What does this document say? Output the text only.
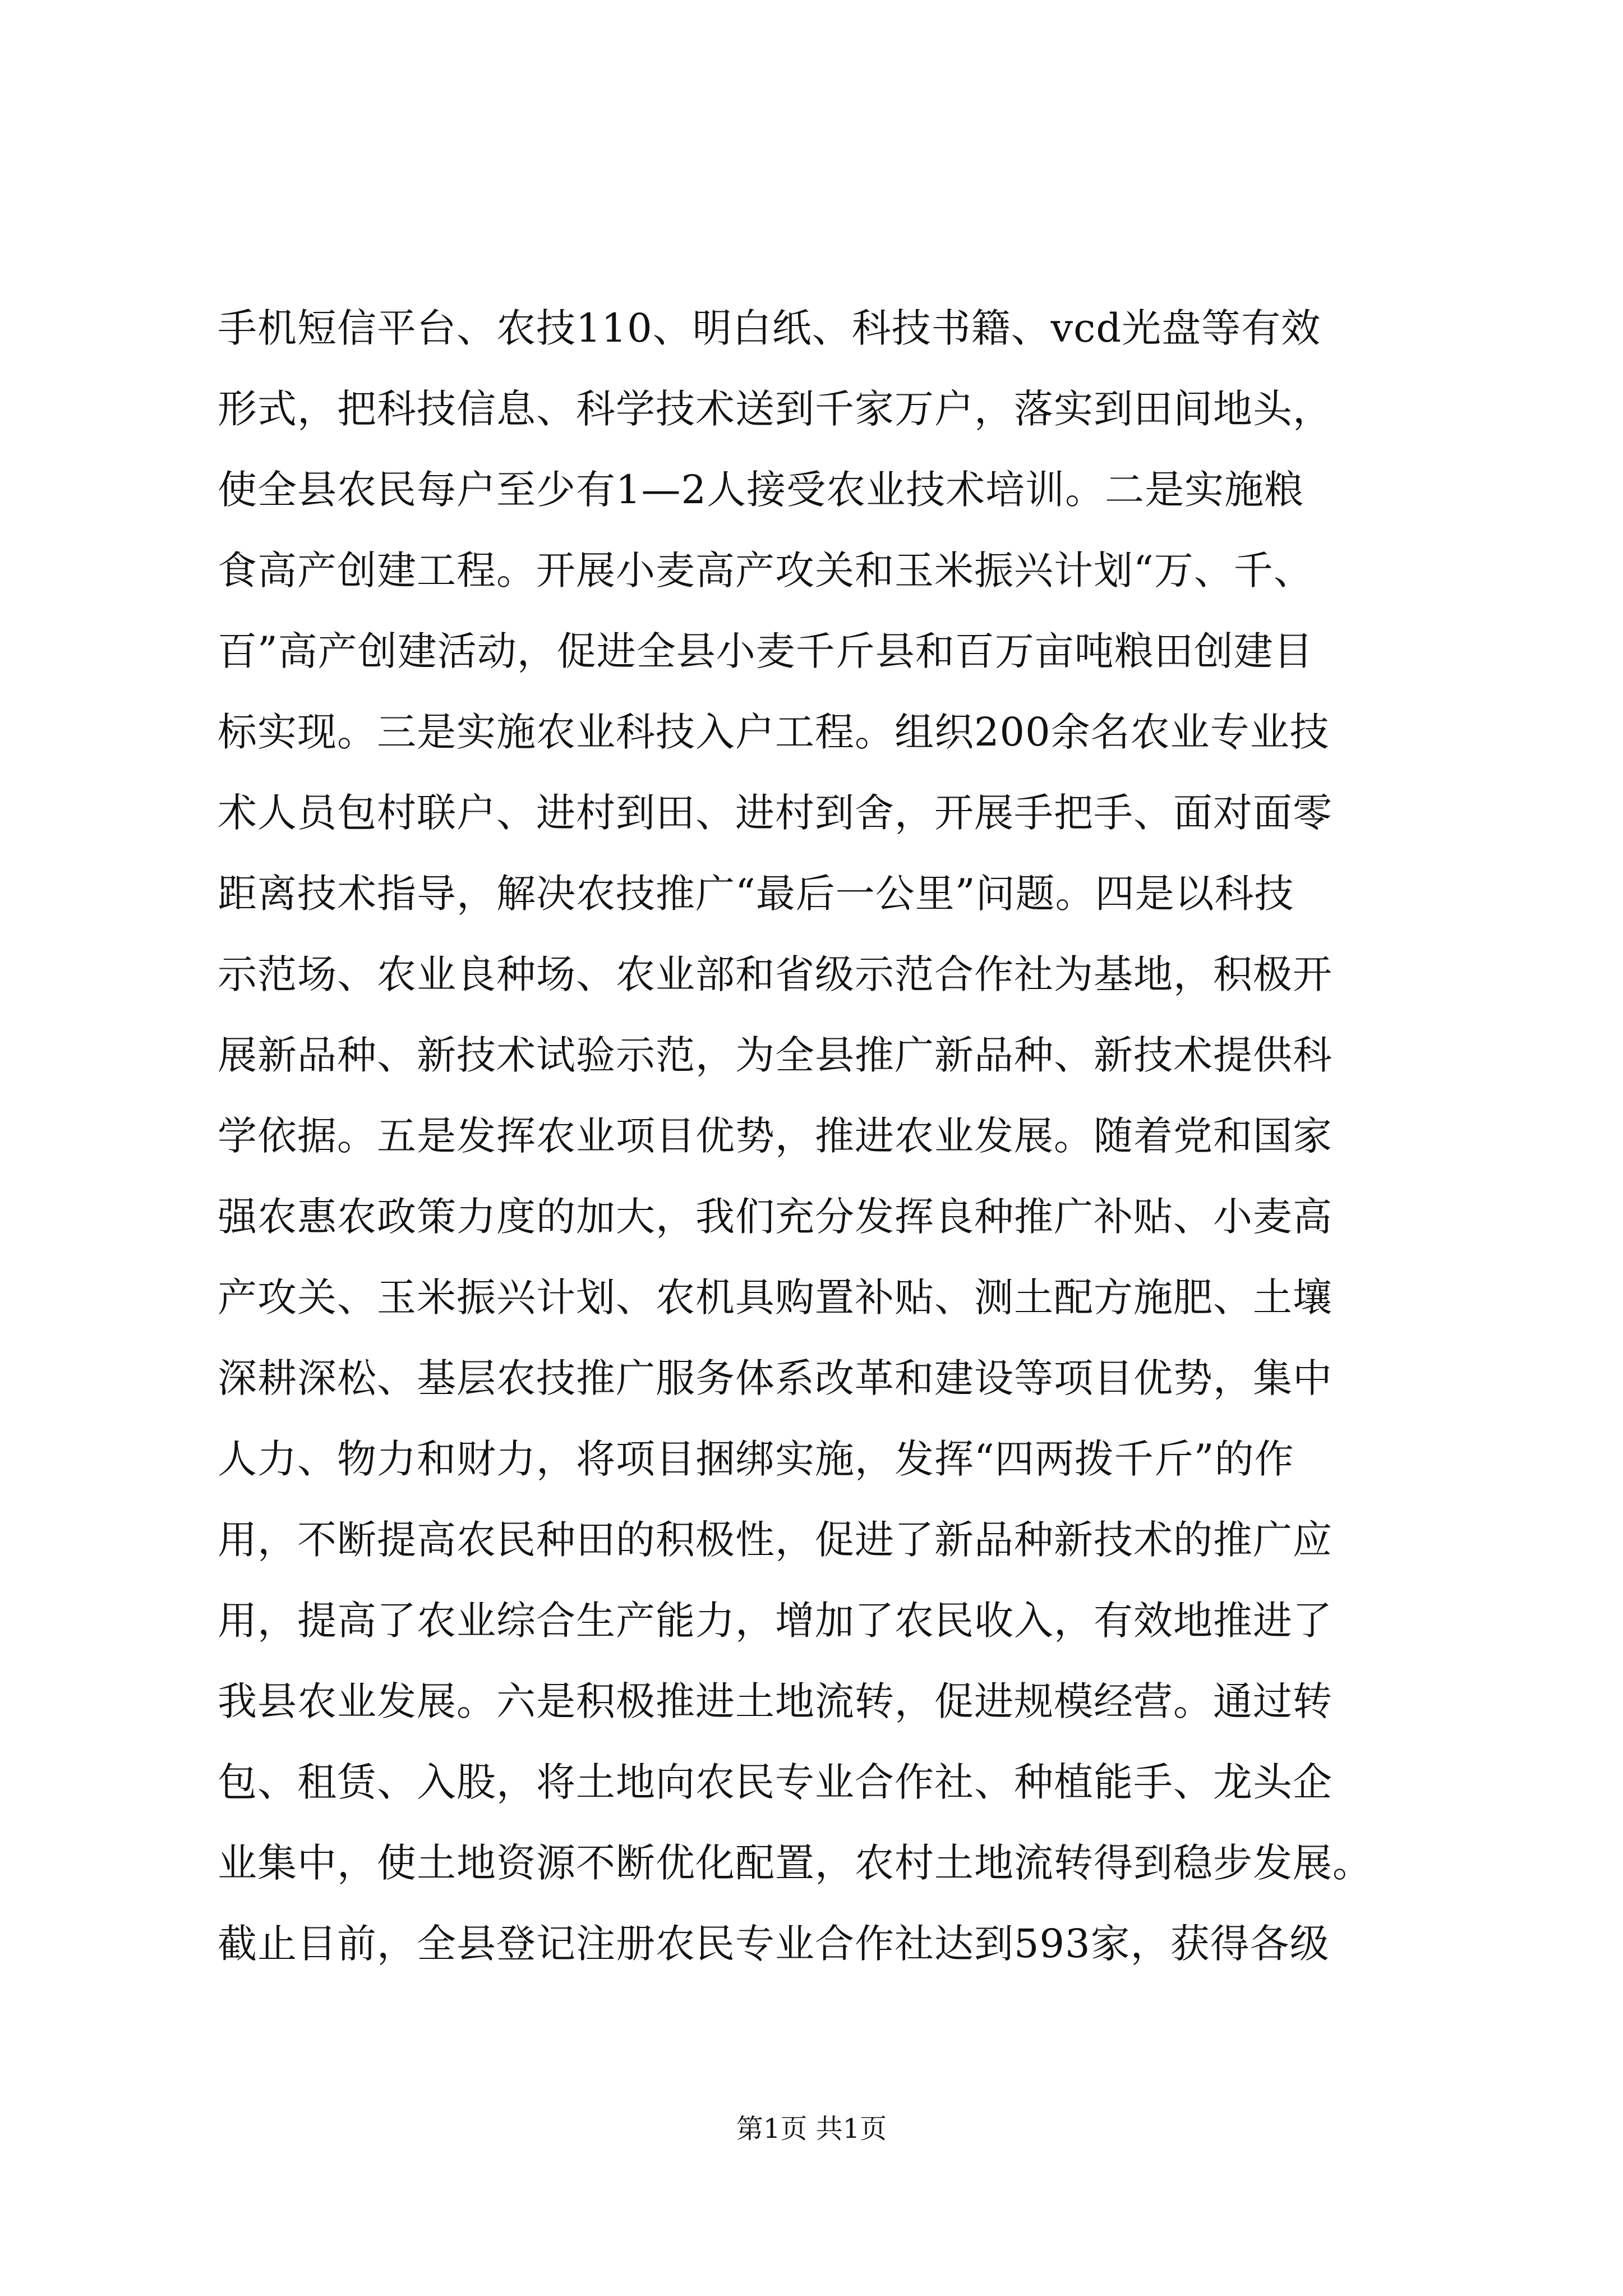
手机短信平台、农技110、明白纸、科技书籍、vcd光盘等有效
形式，把科技信息、科学技术送到千家万户，落实到田间地头，
使全县农民每户至少有1—2人接受农业技术培训。二是实施粮
食高产创建工程。开展小麦高产攻关和玉米振兴计划“万、千、
百”高产创建活动，促进全县小麦千斤县和百万亩吨粮田创建目
标实现。三是实施农业科技入户工程。组织200余名农业专业技
术人员包村联户、进村到田、进村到舍，开展手把手、面对面零
距离技术指导，解决农技推广“最后一公里”问题。四是以科技
示范场、农业良种场、农业部和省级示范合作社为基地，积极开
展新品种、新技术试验示范，为全县推广新品种、新技术提供科
学依据。五是发挥农业项目优势，推进农业发展。随着党和国家
强农惠农政策力度的加大，我们充分发挥良种推广补贴、小麦高
产攻关、玉米振兴计划、农机具购置补贴、测土配方施肥、土壤
深耕深松、基层农技推广服务体系改革和建设等项目优势，集中
人力、物力和财力，将项目捆绑实施，发挥“四两拨千斤”的作
用，不断提高农民种田的积极性，促进了新品种新技术的推广应
用，提高了农业综合生产能力，增加了农民收入，有效地推进了
我县农业发展。六是积极推进土地流转，促进规模经营。通过转
包、租赁、入股，将土地向农民专业合作社、种植能手、龙头企
业集中，使土地资源不断优化配置，农村土地流转得到稳步发展。
截止目前，全县登记注册农民专业合作社达到593家，获得各级
第1页 共1页
